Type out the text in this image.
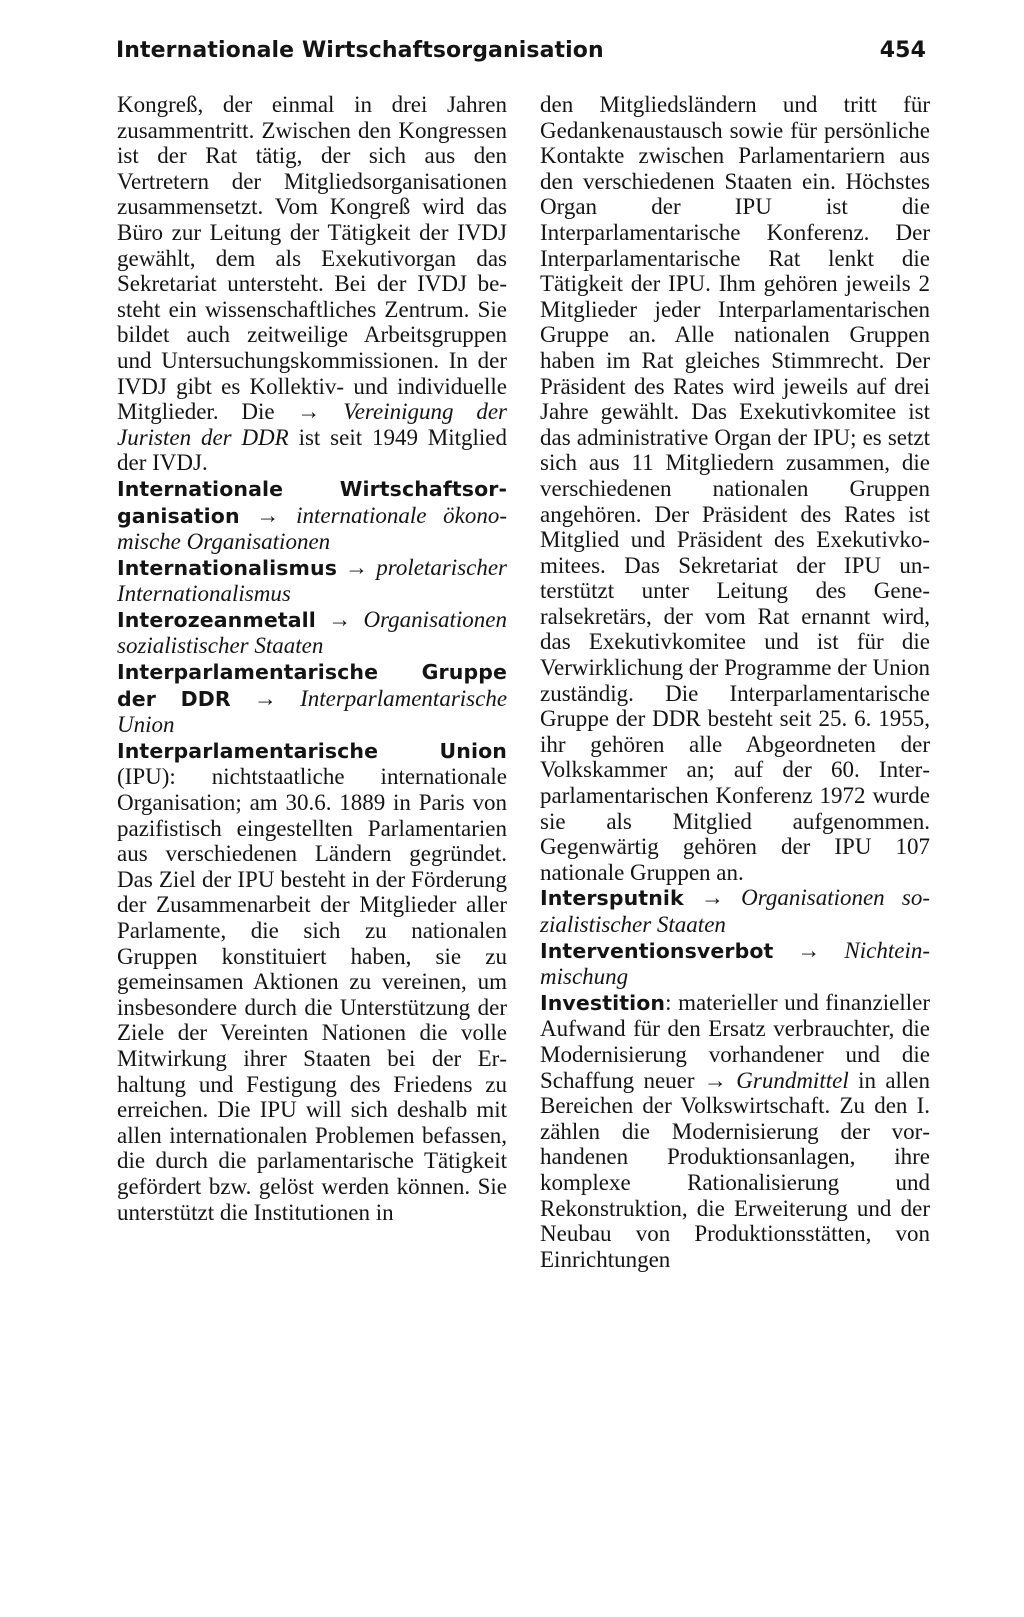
Internationale Wirtschaftsorganisation	454

Kongreß, der einmal in drei Jahren zusammentritt. Zwischen den Kongressen ist der Rat tätig, der sich aus den Vertretern der Mitgliedsorganisationen zusammensetzt. Vom Kongreß wird das Büro zur Leitung der Tätigkeit der IVDJ gewählt, dem als Exekutivorgan das Sekretariat untersteht. Bei der IVDJ besteht ein wissenschaftliches Zentrum. Sie bildet auch zeitweilige Arbeitsgruppen und Untersuchungskommissionen. In der IVDJ gibt es Kollektiv- und individuelle Mitglieder. Die → Vereinigung der Juristen der DDR ist seit 1949 Mitglied der IVDJ.

Internationale Wirtschaftsorganisation → internationale ökonomische Organisationen

Internationalismus → proletarischer Internationalismus

Interozeanmetall → Organisationen sozialistischer Staaten

Interparlamentarische Gruppe der DDR → Interparlamentarische Union

Interparlamentarische Union (IPU): nichtstaatliche internationale Organisation; am 30.6. 1889 in Paris von pazifistisch eingestellten Parlamentarien aus verschiedenen Ländern gegründet. Das Ziel der IPU besteht in der Förderung der Zusammenarbeit der Mitglieder aller Parlamente, die sich zu nationalen Gruppen konstituiert haben, sie zu gemeinsamen Aktionen zu vereinen, um insbesondere durch die Unterstützung der Ziele der Vereinten Nationen die volle Mitwirkung ihrer Staaten bei der Erhaltung und Festigung des Friedens zu erreichen. Die IPU will sich deshalb mit allen internationalen Problemen befassen, die durch die parlamentarische Tätigkeit gefördert bzw. gelöst werden können. Sie unterstützt die Institutionen in

den Mitgliedsländern und tritt für Gedankenaustausch sowie für persönliche Kontakte zwischen Parlamentariern aus den verschiedenen Staaten ein. Höchstes Organ der IPU ist die Interparlamentarische Konferenz. Der Interparlamentarische Rat lenkt die Tätigkeit der IPU. Ihm gehören jeweils 2 Mitglieder jeder Interparlamentarischen Gruppe an. Alle nationalen Gruppen haben im Rat gleiches Stimmrecht. Der Präsident des Rates wird jeweils auf drei Jahre gewählt. Das Exekutivkomitee ist das administrative Organ der IPU; es setzt sich aus 11 Mitgliedern zusammen, die verschiedenen nationalen Gruppen angehören. Der Präsident des Rates ist Mitglied und Präsident des Exekutivkomitees. Das Sekretariat der IPU unterstützt unter Leitung des Generalsekretärs, der vom Rat ernannt wird, das Exekutivkomitee und ist für die Verwirklichung der Programme der Union zuständig. Die Interparlamentarische Gruppe der DDR besteht seit 25. 6. 1955, ihr gehören alle Abgeordneten der Volkskammer an; auf der 60. Interparlamentarischen Konferenz 1972 wurde sie als Mitglied aufgenommen. Gegenwärtig gehören der IPU 107 nationale Gruppen an.

Intersputnik → Organisationen sozialistischer Staaten

Interventionsverbot → Nichteinmischung

Investition: materieller und finanzieller Aufwand für den Ersatz verbrauchter, die Modernisierung vorhandener und die Schaffung neuer → Grundmittel in allen Bereichen der Volkswirtschaft. Zu den I. zählen die Modernisierung der vorhandenen Produktionsanlagen, ihre komplexe Rationalisierung und Rekonstruktion, die Erweiterung und der Neubau von Produktionsstätten, von Einrichtungen
